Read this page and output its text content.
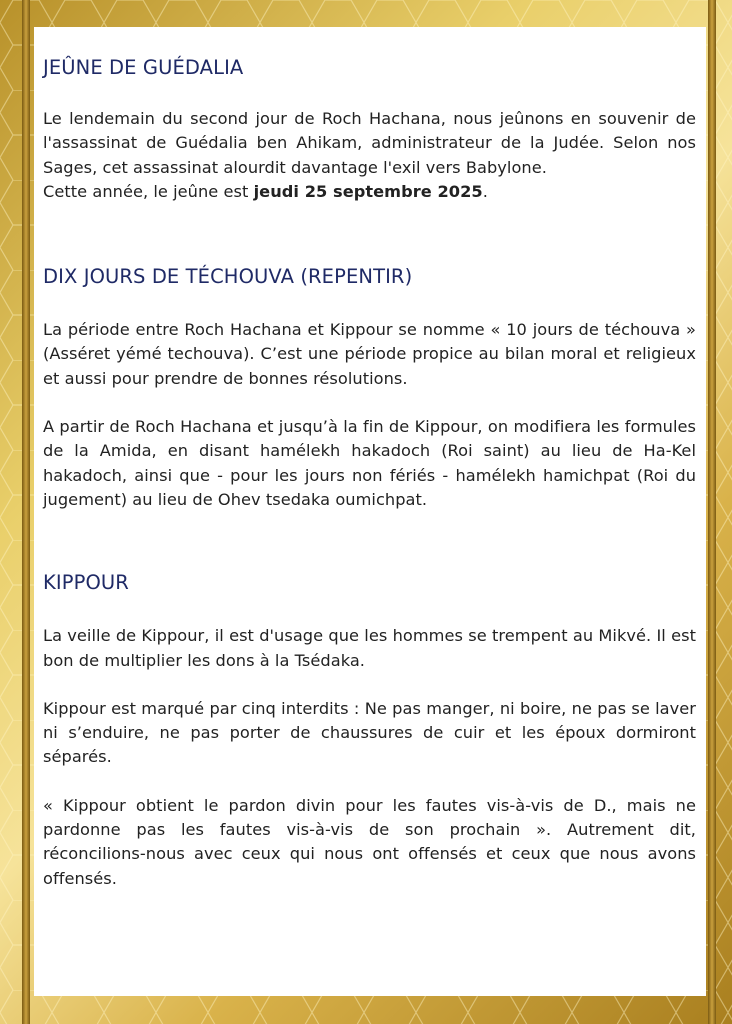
JEÛNE DE GUÉDALIA

Le lendemain du second jour de Roch Hachana, nous jeûnons en souvenir de l'assassinat de Guédalia ben Ahikam, administrateur de la Judée. Selon nos Sages, cet assassinat alourdit davantage l'exil vers Babylone.

Cette année, le jeûne est jeudi 25 septembre 2025.

DIX JOURS DE TÉCHOUVA (REPENTIR)

La période entre Roch Hachana et Kippour se nomme « 10 jours de téchouva » (Asséret yémé techouva). C’est une période propice au bilan moral et religieux et aussi pour prendre de bonnes résolutions.

A partir de Roch Hachana et jusqu’à la fin de Kippour, on modifiera les formules de la Amida, en disant hamélekh hakadoch (Roi saint) au lieu de Ha-Kel hakadoch, ainsi que - pour les jours non fériés - hamélekh hamichpat (Roi du jugement) au lieu de Ohev tsedaka oumichpat.

KIPPOUR

La veille de Kippour, il est d'usage que les hommes se trempent au Mikvé. Il est bon de multiplier les dons à la Tsédaka.

Kippour est marqué par cinq interdits : Ne pas manger, ni boire, ne pas se laver ni s’enduire, ne pas porter de chaussures de cuir et les époux dormiront séparés.

« Kippour obtient le pardon divin pour les fautes vis-à-vis de D., mais ne pardonne pas les fautes vis-à-vis de son prochain ». Autrement dit, réconcilions-nous avec ceux qui nous ont offensés et ceux que nous avons offensés.
